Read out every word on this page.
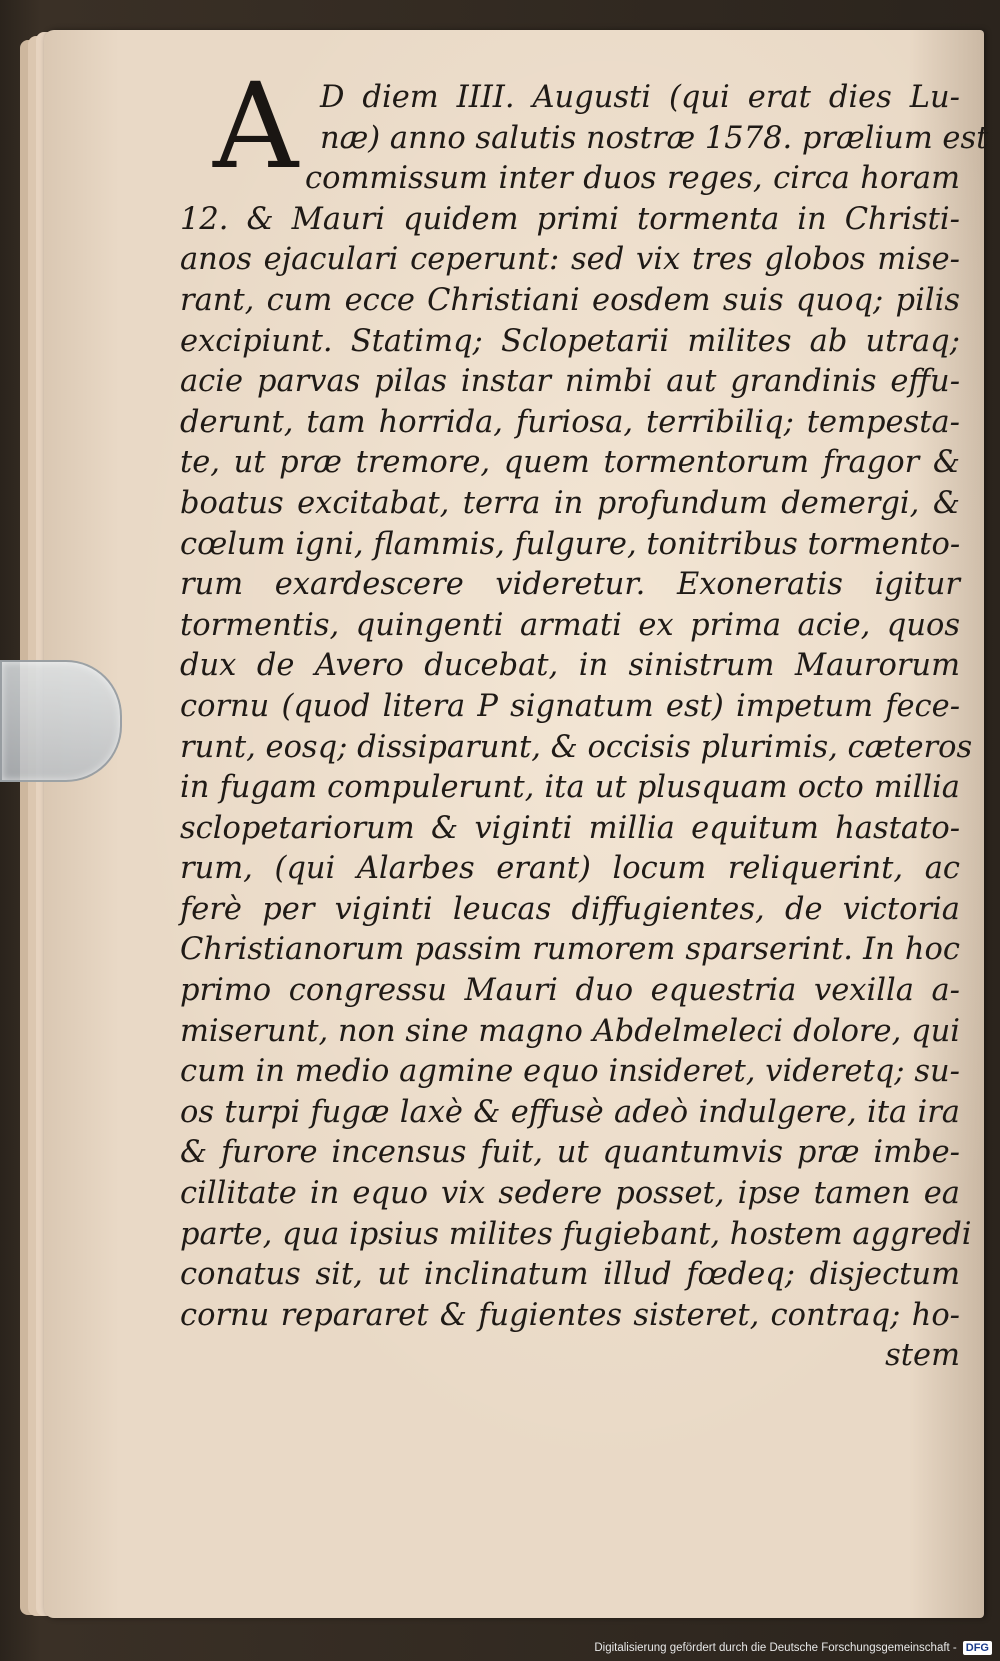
A D diem IIII. Augusti (qui erat dies Lu-
næ) anno salutis nostræ 1578. prælium est
commissum inter duos reges, circa horam
12. & Mauri quidem primi tormenta in Christi-
anos ejaculari ceperunt: sed vix tres globos mise-
rant, cum ecce Christiani eosdem suis quoq; pilis
excipiunt. Statimq; Sclopetarii milites ab utraq;
acie parvas pilas instar nimbi aut grandinis effu-
derunt, tam horrida, furiosa, terribiliq; tempesta-
te, ut præ tremore, quem tormentorum fragor &
boatus excitabat, terra in profundum demergi, &
cœlum igni, flammis, fulgure, tonitribus tormento-
rum exardescere videretur. Exoneratis igitur
tormentis, quingenti armati ex prima acie, quos
dux de Avero ducebat, in sinistrum Maurorum
cornu (quod litera P signatum est) impetum fece-
runt, eosq; dissiparunt, & occisis plurimis, cæteros
in fugam compulerunt, ita ut plusquam octo millia
sclopetariorum & viginti millia equitum hastato-
rum, (qui Alarbes erant) locum reliquerint, ac
ferè per viginti leucas diffugientes, de victoria
Christianorum passim rumorem sparserint. In hoc
primo congressu Mauri duo equestria vexilla a-
miserunt, non sine magno Abdelmeleci dolore, qui
cum in medio agmine equo insideret, videretq; su-
os turpi fugæ laxè & effusè adeò indulgere, ita ira
& furore incensus fuit, ut quantumvis præ imbe-
cillitate in equo vix sedere posset, ipse tamen ea
parte, qua ipsius milites fugiebant, hostem aggredi
conatus sit, ut inclinatum illud fœdeq; disjectum
cornu repararet & fugientes sisteret, contraq; ho-
stem
Digitalisierung gefördert durch die Deutsche Forschungsgemeinschaft - DFG
